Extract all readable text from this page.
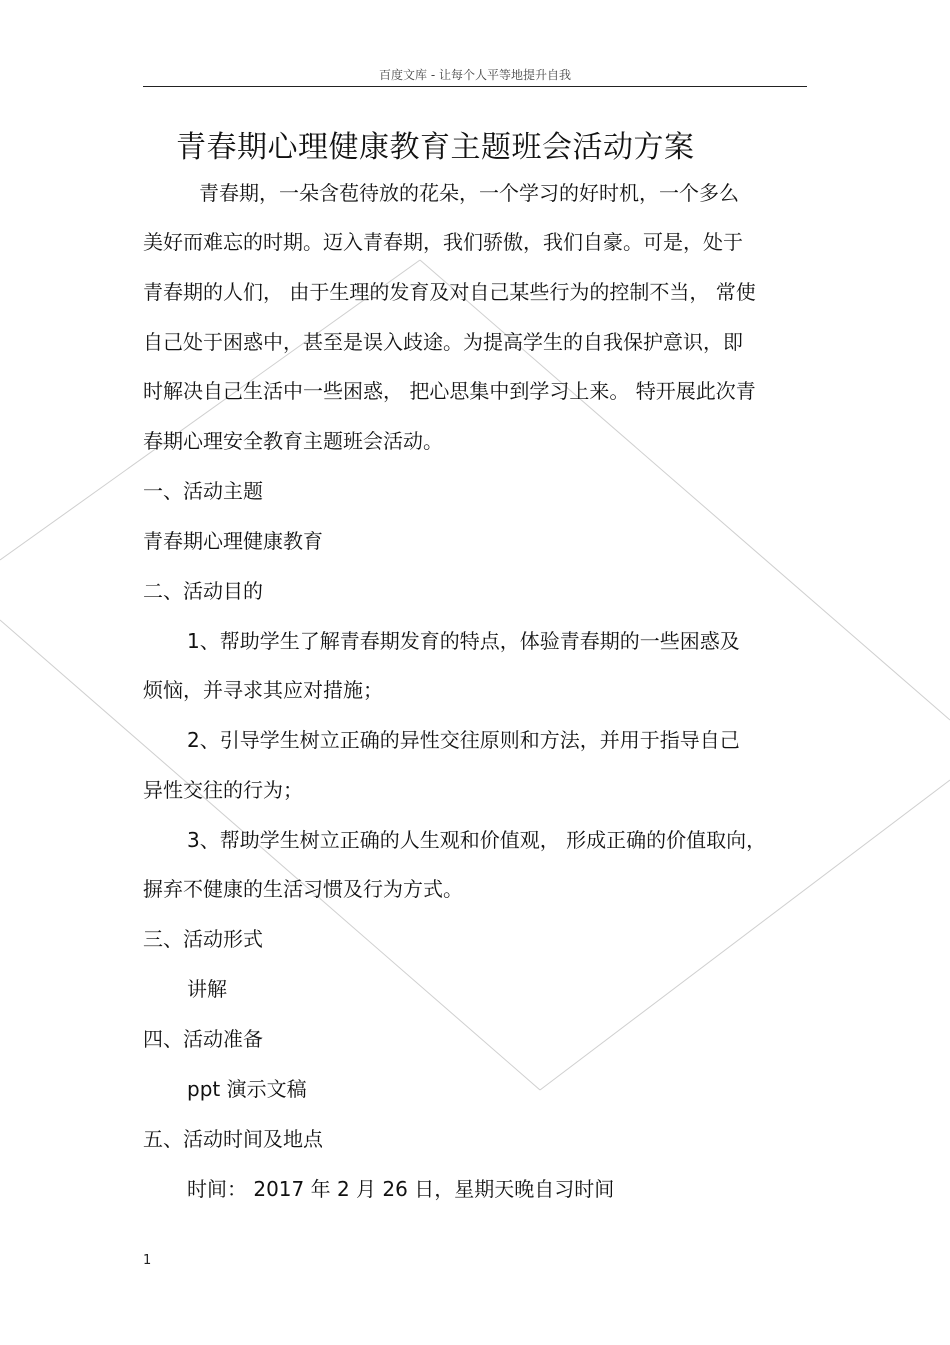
百度文库 - 让每个人平等地提升自我
青春期心理健康教育主题班会活动方案
青春期，一朵含苞待放的花朵，一个学习的好时机，一个多么
美好而难忘的时期。迈入青春期，我们骄傲，我们自豪。可是，处于
青春期的人们， 由于生理的发育及对自己某些行为的控制不当， 常使
自己处于困惑中，甚至是误入歧途。为提高学生的自我保护意识，即
时解决自己生活中一些困惑， 把心思集中到学习上来。 特开展此次青
春期心理安全教育主题班会活动。
一、活动主题
青春期心理健康教育
二、活动目的
1、帮助学生了解青春期发育的特点，体验青春期的一些困惑及
烦恼，并寻求其应对措施；
2、引导学生树立正确的异性交往原则和方法，并用于指导自己
异性交往的行为；
3、帮助学生树立正确的人生观和价值观， 形成正确的价值取向，
摒弃不健康的生活习惯及行为方式。
三、活动形式
讲解
四、活动准备
ppt 演示文稿
五、活动时间及地点
时间： 2017 年 2 月 26 日，星期天晚自习时间
1
